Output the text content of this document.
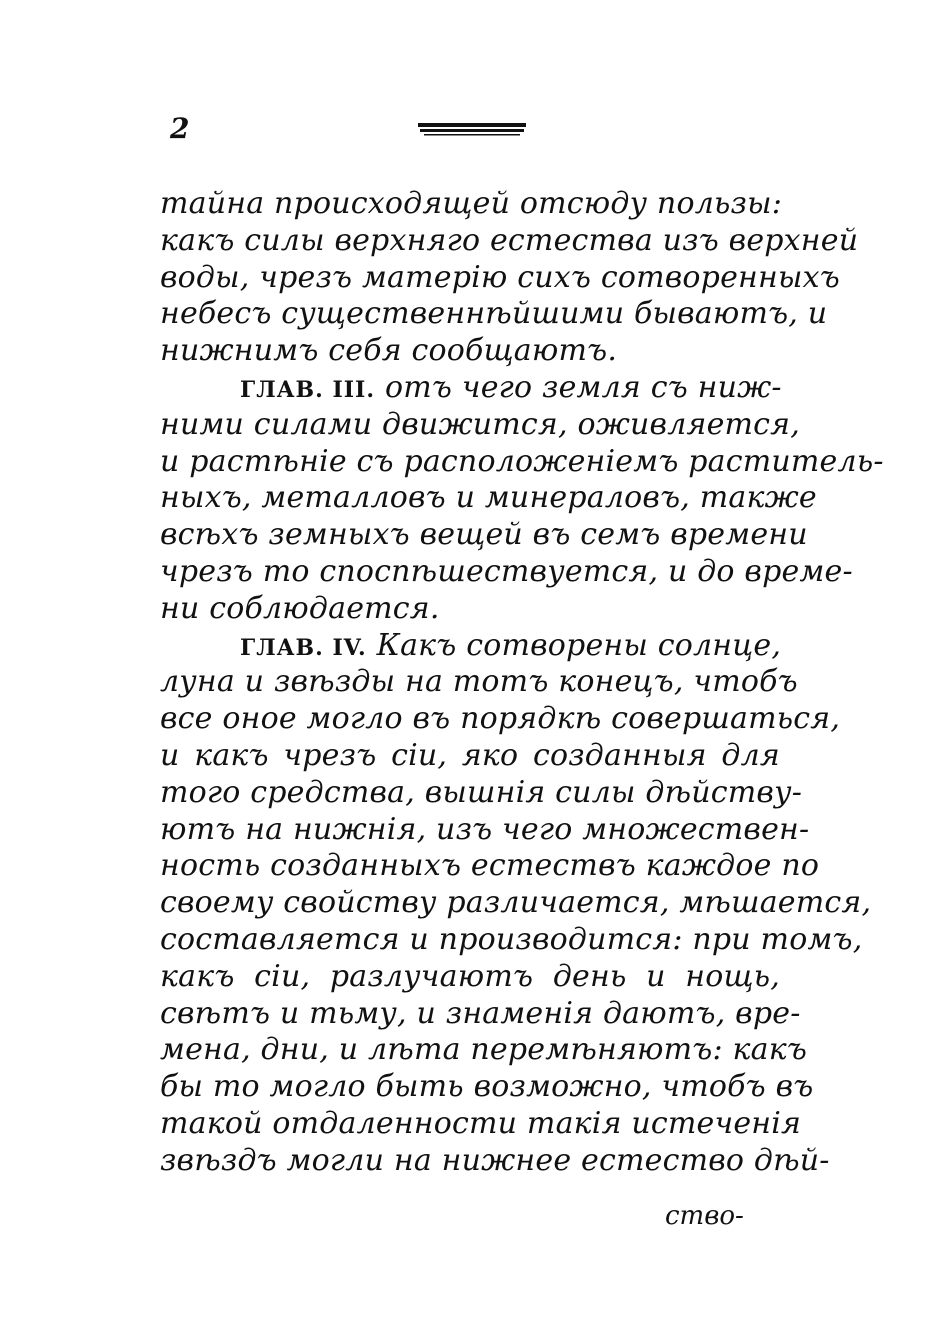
2
тайна происходящей отсюду пользы:
какъ силы верхняго естества изъ верхней
воды, чрезъ матерію сихъ сотворенныхъ
небесъ существеннѣйшими бываютъ, и
нижнимъ себя сообщаютъ.
ГЛАВ. III. отъ чего земля съ ниж-
ними силами движится, оживляется,
и растѣніе съ расположеніемъ раститель-
ныхъ, металловъ и минераловъ, также
всѣхъ земныхъ вещей въ семъ времени
чрезъ то споспѣшествуется, и до време-
ни соблюдается.
ГЛАВ. IV. Какъ сотворены солнце,
луна и звѣзды на тотъ конецъ, чтобъ
все оное могло въ порядкѣ совершаться,
и какъ чрезъ сіи, яко созданныя для
того средства, вышнія силы дѣйству-
ютъ на нижнія, изъ чего множествен-
ность созданныхъ естествъ каждое по
своему свойству различается, мѣшается,
составляется и производится: при томъ,
какъ сіи, разлучаютъ день и нощь,
свѣтъ и тьму, и знаменія даютъ, вре-
мена, дни, и лѣта перемѣняютъ: какъ
бы то могло быть возможно, чтобъ въ
такой отдаленности такія истеченія
звѣздъ могли на нижнее естество дѣй-
ство-
